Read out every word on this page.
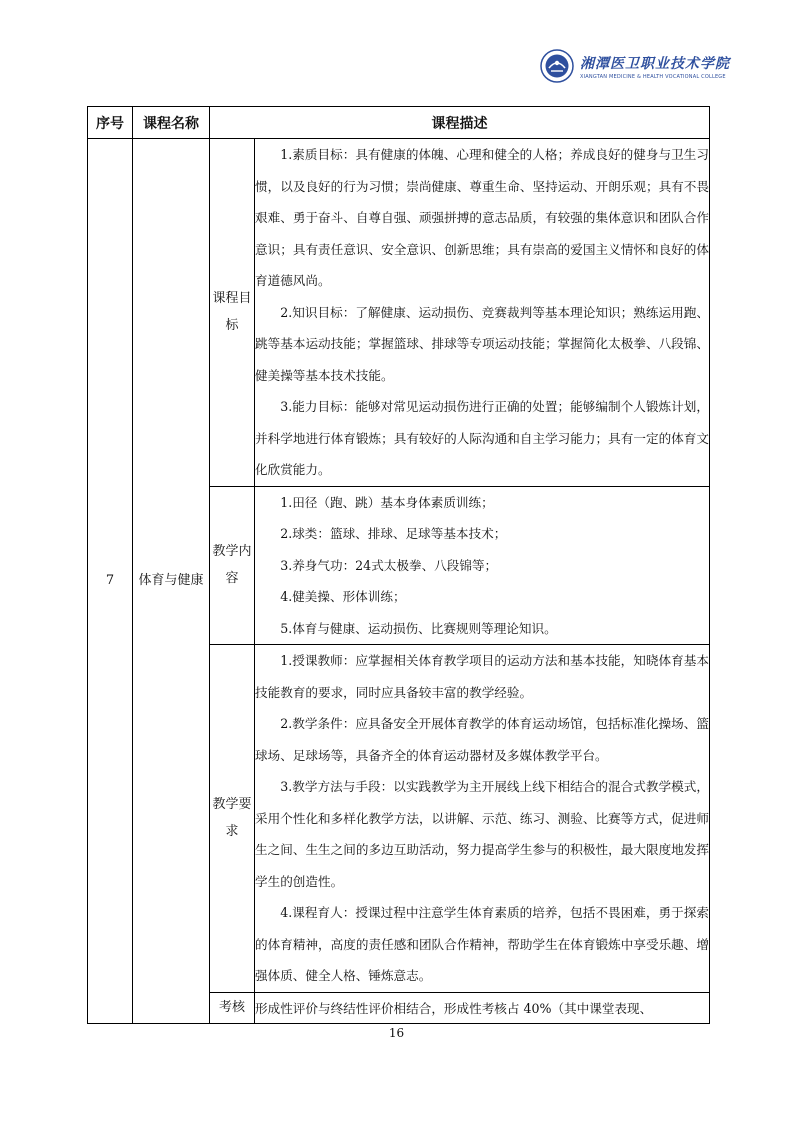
湘潭医卫职业技术学院
XIANGTAN MEDICINE & HEALTH VOCATIONAL COLLEGE
序号	课程名称	课程描述	
7	体育与健康	课程目标	1.素质目标：具有健康的体魄、心理和健全的人格；养成良好的健身与卫生习惯，以及良好的行为习惯；崇尚健康、尊重生命、坚持运动、开朗乐观；具有不畏艰难、勇于奋斗、自尊自强、顽强拼搏的意志品质，有较强的集体意识和团队合作意识；具有责任意识、安全意识、创新思维；具有崇高的爱国主义情怀和良好的体育道德风尚。

2.知识目标：了解健康、运动损伤、竞赛裁判等基本理论知识；熟练运用跑、跳等基本运动技能；掌握篮球、排球等专项运动技能；掌握简化太极拳、八段锦、健美操等基本技术技能。

3.能力目标：能够对常见运动损伤进行正确的处置；能够编制个人锻炼计划，并科学地进行体育锻炼；具有较好的人际沟通和自主学习能力；具有一定的体育文化欣赏能力。

		教学内容	1.田径（跑、跳）基本身体素质训练；

2.球类：篮球、排球、足球等基本技术；

3.养身气功：24式太极拳、八段锦等；

4.健美操、形体训练；

5.体育与健康、运动损伤、比赛规则等理论知识。

		教学要求	1.授课教师：应掌握相关体育教学项目的运动方法和基本技能，知晓体育基本技能教育的要求，同时应具备较丰富的教学经验。

2.教学条件：应具备安全开展体育教学的体育运动场馆，包括标准化操场、篮球场、足球场等，具备齐全的体育运动器材及多媒体教学平台。

3.教学方法与手段：以实践教学为主开展线上线下相结合的混合式教学模式，采用个性化和多样化教学方法，以讲解、示范、练习、测验、比赛等方式，促进师生之间、生生之间的多边互助活动，努力提高学生参与的积极性，最大限度地发挥学生的创造性。

4.课程育人：授课过程中注意学生体育素质的培养，包括不畏困难，勇于探索的体育精神，高度的责任感和团队合作精神，帮助学生在体育锻炼中享受乐趣、增强体质、健全人格、锤炼意志。

		考核	形成性评价与终结性评价相结合，形成性考核占 40%（其中课堂表现、
16
